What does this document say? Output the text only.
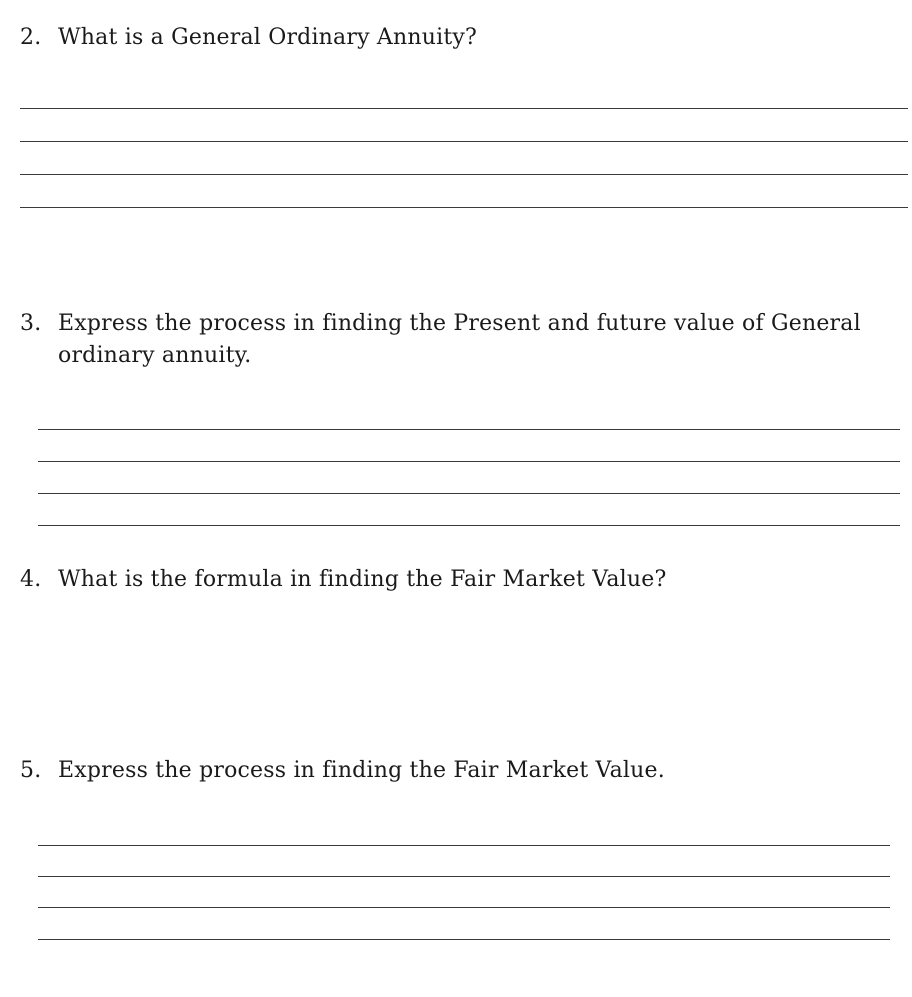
2. What is a General Ordinary Annuity?
3. Express the process in finding the Present and future value of General
ordinary annuity.
4. What is the formula in finding the Fair Market Value?
5. Express the process in finding the Fair Market Value.
